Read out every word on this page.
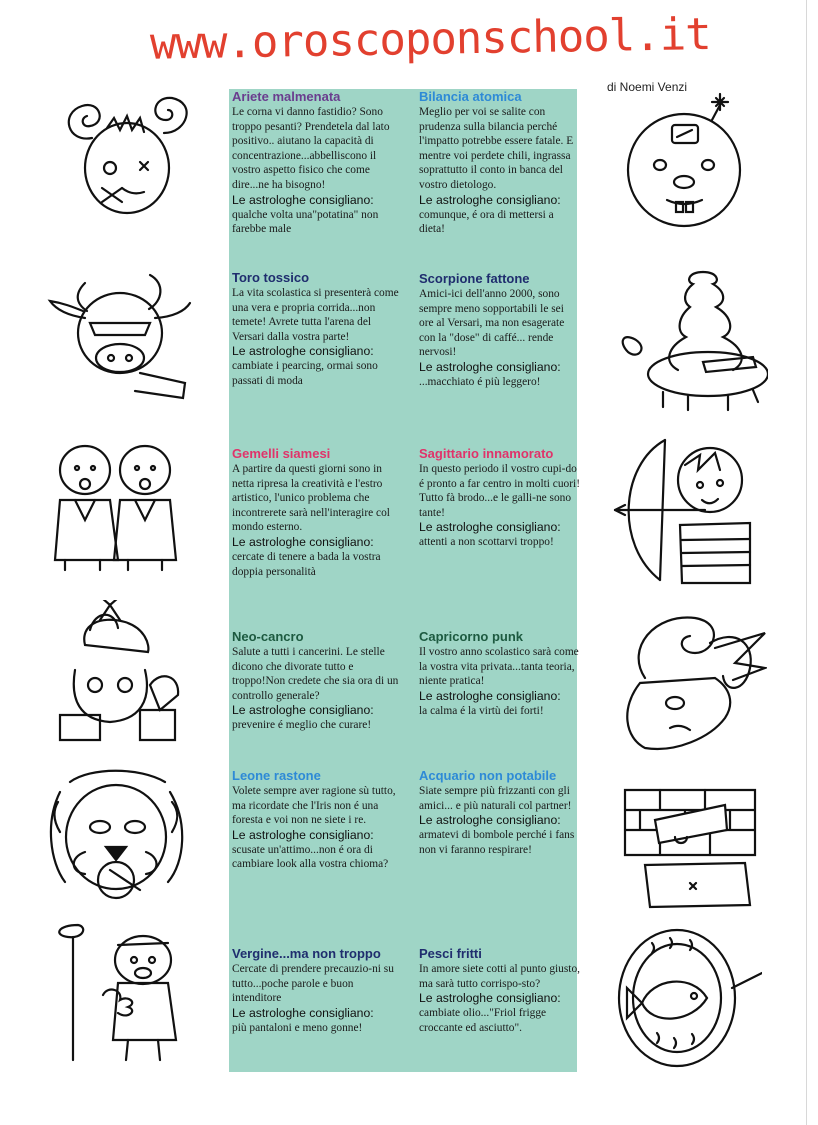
www.oroscoponschool.it
di Noemi Venzi
Ariete malmenata

Le corna vi danno fastidio? Sono troppo pesanti? Prendetela dal lato positivo.. aiutano la capacità di concentrazione...abbelliscono il vostro aspetto fisico che come dire...ne ha bisogno!

Le astrologhe consigliano:
qualche volta una"potatina" non farebbe male
Toro tossico

La vita scolastica si presenterà come una vera e propria corrida...non temete! Avrete tutta l'arena del Versari dalla vostra parte!

Le astrologhe consigliano:
cambiate i pearcing, ormai sono passati di moda
Gemelli siamesi

A partire da questi giorni sono in netta ripresa la creatività e l'estro artistico, l'unico problema che incontrerete sarà nell'interagire col mondo esterno.

Le astrologhe consigliano:
cercate di tenere a bada la vostra doppia personalità
Neo-cancro

Salute a tutti i cancerini. Le stelle dicono che divorate tutto e troppo!Non credete che sia ora di un controllo generale?

Le astrologhe consigliano:
prevenire é meglio che curare!
Leone rastone

Volete sempre aver ragione sù tutto, ma ricordate che l'Iris non é una foresta e voi non ne siete i re.

Le astrologhe consigliano:
scusate un'attimo...non é ora di cambiare look alla vostra chioma?
Vergine...ma non troppo

Cercate di prendere precauzio-ni su tutto...poche parole e buon intenditore

Le astrologhe consigliano:
più pantaloni e meno gonne!
Bilancia atomica

Meglio per voi se salite con prudenza sulla bilancia perché l'impatto potrebbe essere fatale. E mentre voi perdete chili, ingrassa soprattutto il conto in banca del vostro dietologo.

Le astrologhe consigliano:
comunque, é ora di mettersi a dieta!
Scorpione fattone

Amici-ici dell'anno 2000, sono sempre meno sopportabili le sei ore al Versari, ma non esagerate con la "dose" di caffé... rende nervosi!

Le astrologhe consigliano:
...macchiato é più leggero!
Sagittario innamorato

In questo periodo il vostro cupi-do é pronto a far centro in molti cuori! Tutto fà brodo...e le galli-ne sono tante!

Le astrologhe consigliano:
attenti a non scottarvi troppo!
Capricorno punk

Il vostro anno scolastico sarà come la vostra vita privata...tanta teoria, niente pratica!

Le astrologhe consigliano:
la calma é la virtù dei forti!
Acquario non potabile

Siate sempre più frizzanti con gli amici... e più naturali col partner!

Le astrologhe consigliano:
armatevi di bombole perché i fans non vi faranno respirare!
Pesci fritti

In amore siete cotti al punto giusto, ma sarà tutto corrispo-sto?

Le astrologhe consigliano:
cambiate olio..."Friol frigge croccante ed asciutto".
